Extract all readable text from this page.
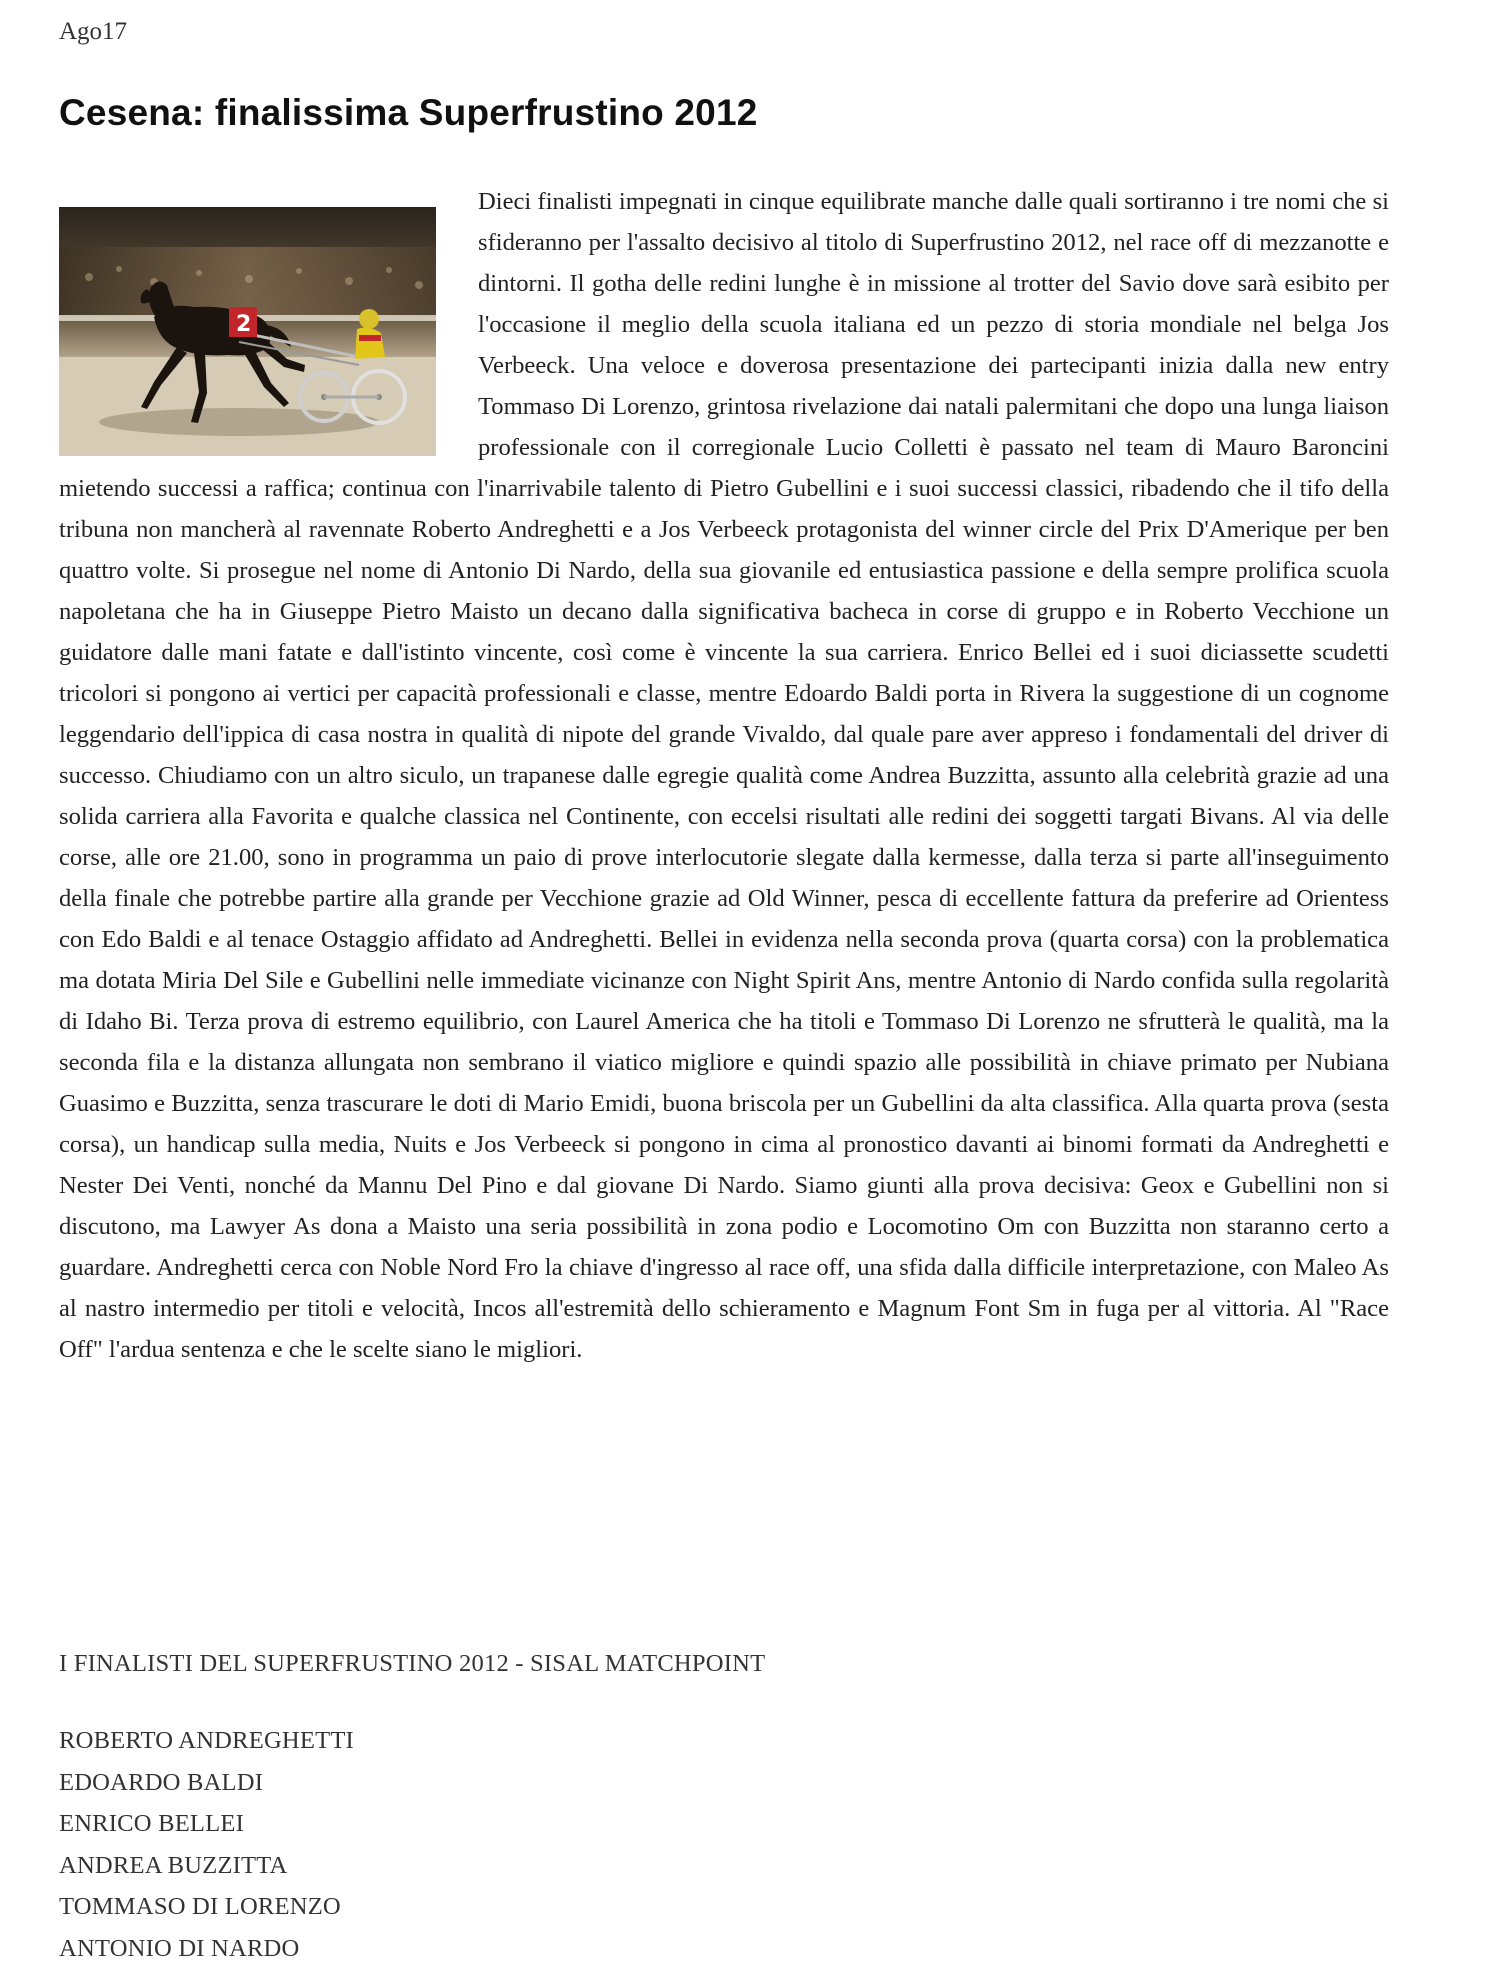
Ago17
Cesena: finalissima Superfrustino 2012
2

Dieci finalisti impegnati in cinque equilibrate manche dalle quali sortiranno i tre nomi che si sfideranno per l'assalto decisivo al titolo di Superfrustino 2012, nel race off di mezzanotte e dintorni. Il gotha delle redini lunghe è in missione al trotter del Savio dove sarà esibito per l'occasione il meglio della scuola italiana ed un pezzo di storia mondiale nel belga Jos Verbeeck. Una veloce e doverosa presentazione dei partecipanti inizia dalla new entry Tommaso Di Lorenzo, grintosa rivelazione dai natali palermitani che dopo una lunga liaison professionale con il corregionale Lucio Colletti è passato nel team di Mauro Baroncini mietendo successi a raffica; continua con l'inarrivabile talento di Pietro Gubellini e i suoi successi classici, ribadendo che il tifo della tribuna non mancherà al ravennate Roberto Andreghetti e a Jos Verbeeck protagonista del winner circle del Prix D'Amerique per ben quattro volte. Si prosegue nel nome di Antonio Di Nardo, della sua giovanile ed entusiastica passione e della sempre prolifica scuola napoletana che ha in Giuseppe Pietro Maisto un decano dalla significativa bacheca in corse di gruppo e in Roberto Vecchione un guidatore dalle mani fatate e dall'istinto vincente, così come è vincente la sua carriera. Enrico Bellei ed i suoi diciassette scudetti tricolori si pongono ai vertici per capacità professionali e classe, mentre Edoardo Baldi porta in Rivera la suggestione di un cognome leggendario dell'ippica di casa nostra in qualità di nipote del grande Vivaldo, dal quale pare aver appreso i fondamentali del driver di successo. Chiudiamo con un altro siculo, un trapanese dalle egregie qualità come Andrea Buzzitta, assunto alla celebrità grazie ad una solida carriera alla Favorita e qualche classica nel Continente, con eccelsi risultati alle redini dei soggetti targati Bivans. Al via delle corse, alle ore 21.00, sono in programma un paio di prove interlocutorie slegate dalla kermesse, dalla terza si parte all'inseguimento della finale che potrebbe partire alla grande per Vecchione grazie ad Old Winner, pesca di eccellente fattura da preferire ad Orientess con Edo Baldi e al tenace Ostaggio affidato ad Andreghetti. Bellei in evidenza nella seconda prova (quarta corsa) con la problematica ma dotata Miria Del Sile e Gubellini nelle immediate vicinanze con Night Spirit Ans, mentre Antonio di Nardo confida sulla regolarità di Idaho Bi. Terza prova di estremo equilibrio, con Laurel America che ha titoli e Tommaso Di Lorenzo ne sfrutterà le qualità, ma la seconda fila e la distanza allungata non sembrano il viatico migliore e quindi spazio alle possibilità in chiave primato per Nubiana Guasimo e Buzzitta, senza trascurare le doti di Mario Emidi, buona briscola per un Gubellini da alta classifica. Alla quarta prova (sesta corsa), un handicap sulla media, Nuits e Jos Verbeeck si pongono in cima al pronostico davanti ai binomi formati da Andreghetti e Nester Dei Venti, nonché da Mannu Del Pino e dal giovane Di Nardo. Siamo giunti alla prova decisiva: Geox e Gubellini non si discutono, ma Lawyer As dona a Maisto una seria possibilità in zona podio e Locomotino Om con Buzzitta non staranno certo a guardare. Andreghetti cerca con Noble Nord Fro la chiave d'ingresso al race off, una sfida dalla difficile interpretazione, con Maleo As al nastro intermedio per titoli e velocità, Incos all'estremità dello schieramento e Magnum Font Sm in fuga per al vittoria. Al "Race Off" l'ardua sentenza e che le scelte siano le migliori.

I FINALISTI DEL SUPERFRUSTINO 2012 - SISAL MATCHPOINT
ROBERTO ANDREGHETTI
EDOARDO BALDI
ENRICO BELLEI
ANDREA BUZZITTA
TOMMASO DI LORENZO
ANTONIO DI NARDO
